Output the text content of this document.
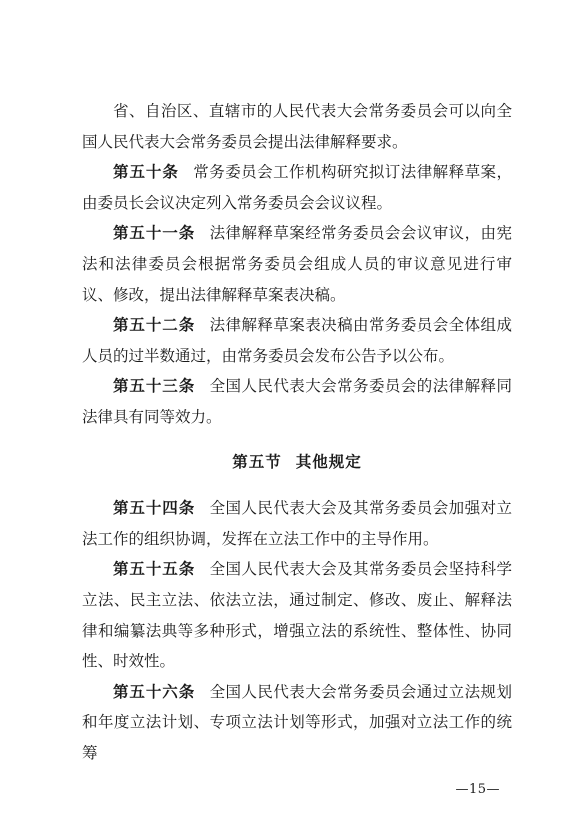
省、自治区、直辖市的人民代表大会常务委员会可以向全国人民代表大会常务委员会提出法律解释要求。

第五十条 常务委员会工作机构研究拟订法律解释草案，由委员长会议决定列入常务委员会会议议程。

第五十一条 法律解释草案经常务委员会会议审议，由宪法和法律委员会根据常务委员会组成人员的审议意见进行审议、修改，提出法律解释草案表决稿。

第五十二条 法律解释草案表决稿由常务委员会全体组成人员的过半数通过，由常务委员会发布公告予以公布。

第五十三条 全国人民代表大会常务委员会的法律解释同法律具有同等效力。

第五节 其他规定

第五十四条 全国人民代表大会及其常务委员会加强对立法工作的组织协调，发挥在立法工作中的主导作用。

第五十五条 全国人民代表大会及其常务委员会坚持科学立法、民主立法、依法立法，通过制定、修改、废止、解释法律和编纂法典等多种形式，增强立法的系统性、整体性、协同性、时效性。

第五十六条 全国人民代表大会常务委员会通过立法规划和年度立法计划、专项立法计划等形式，加强对立法工作的统筹

—15—
